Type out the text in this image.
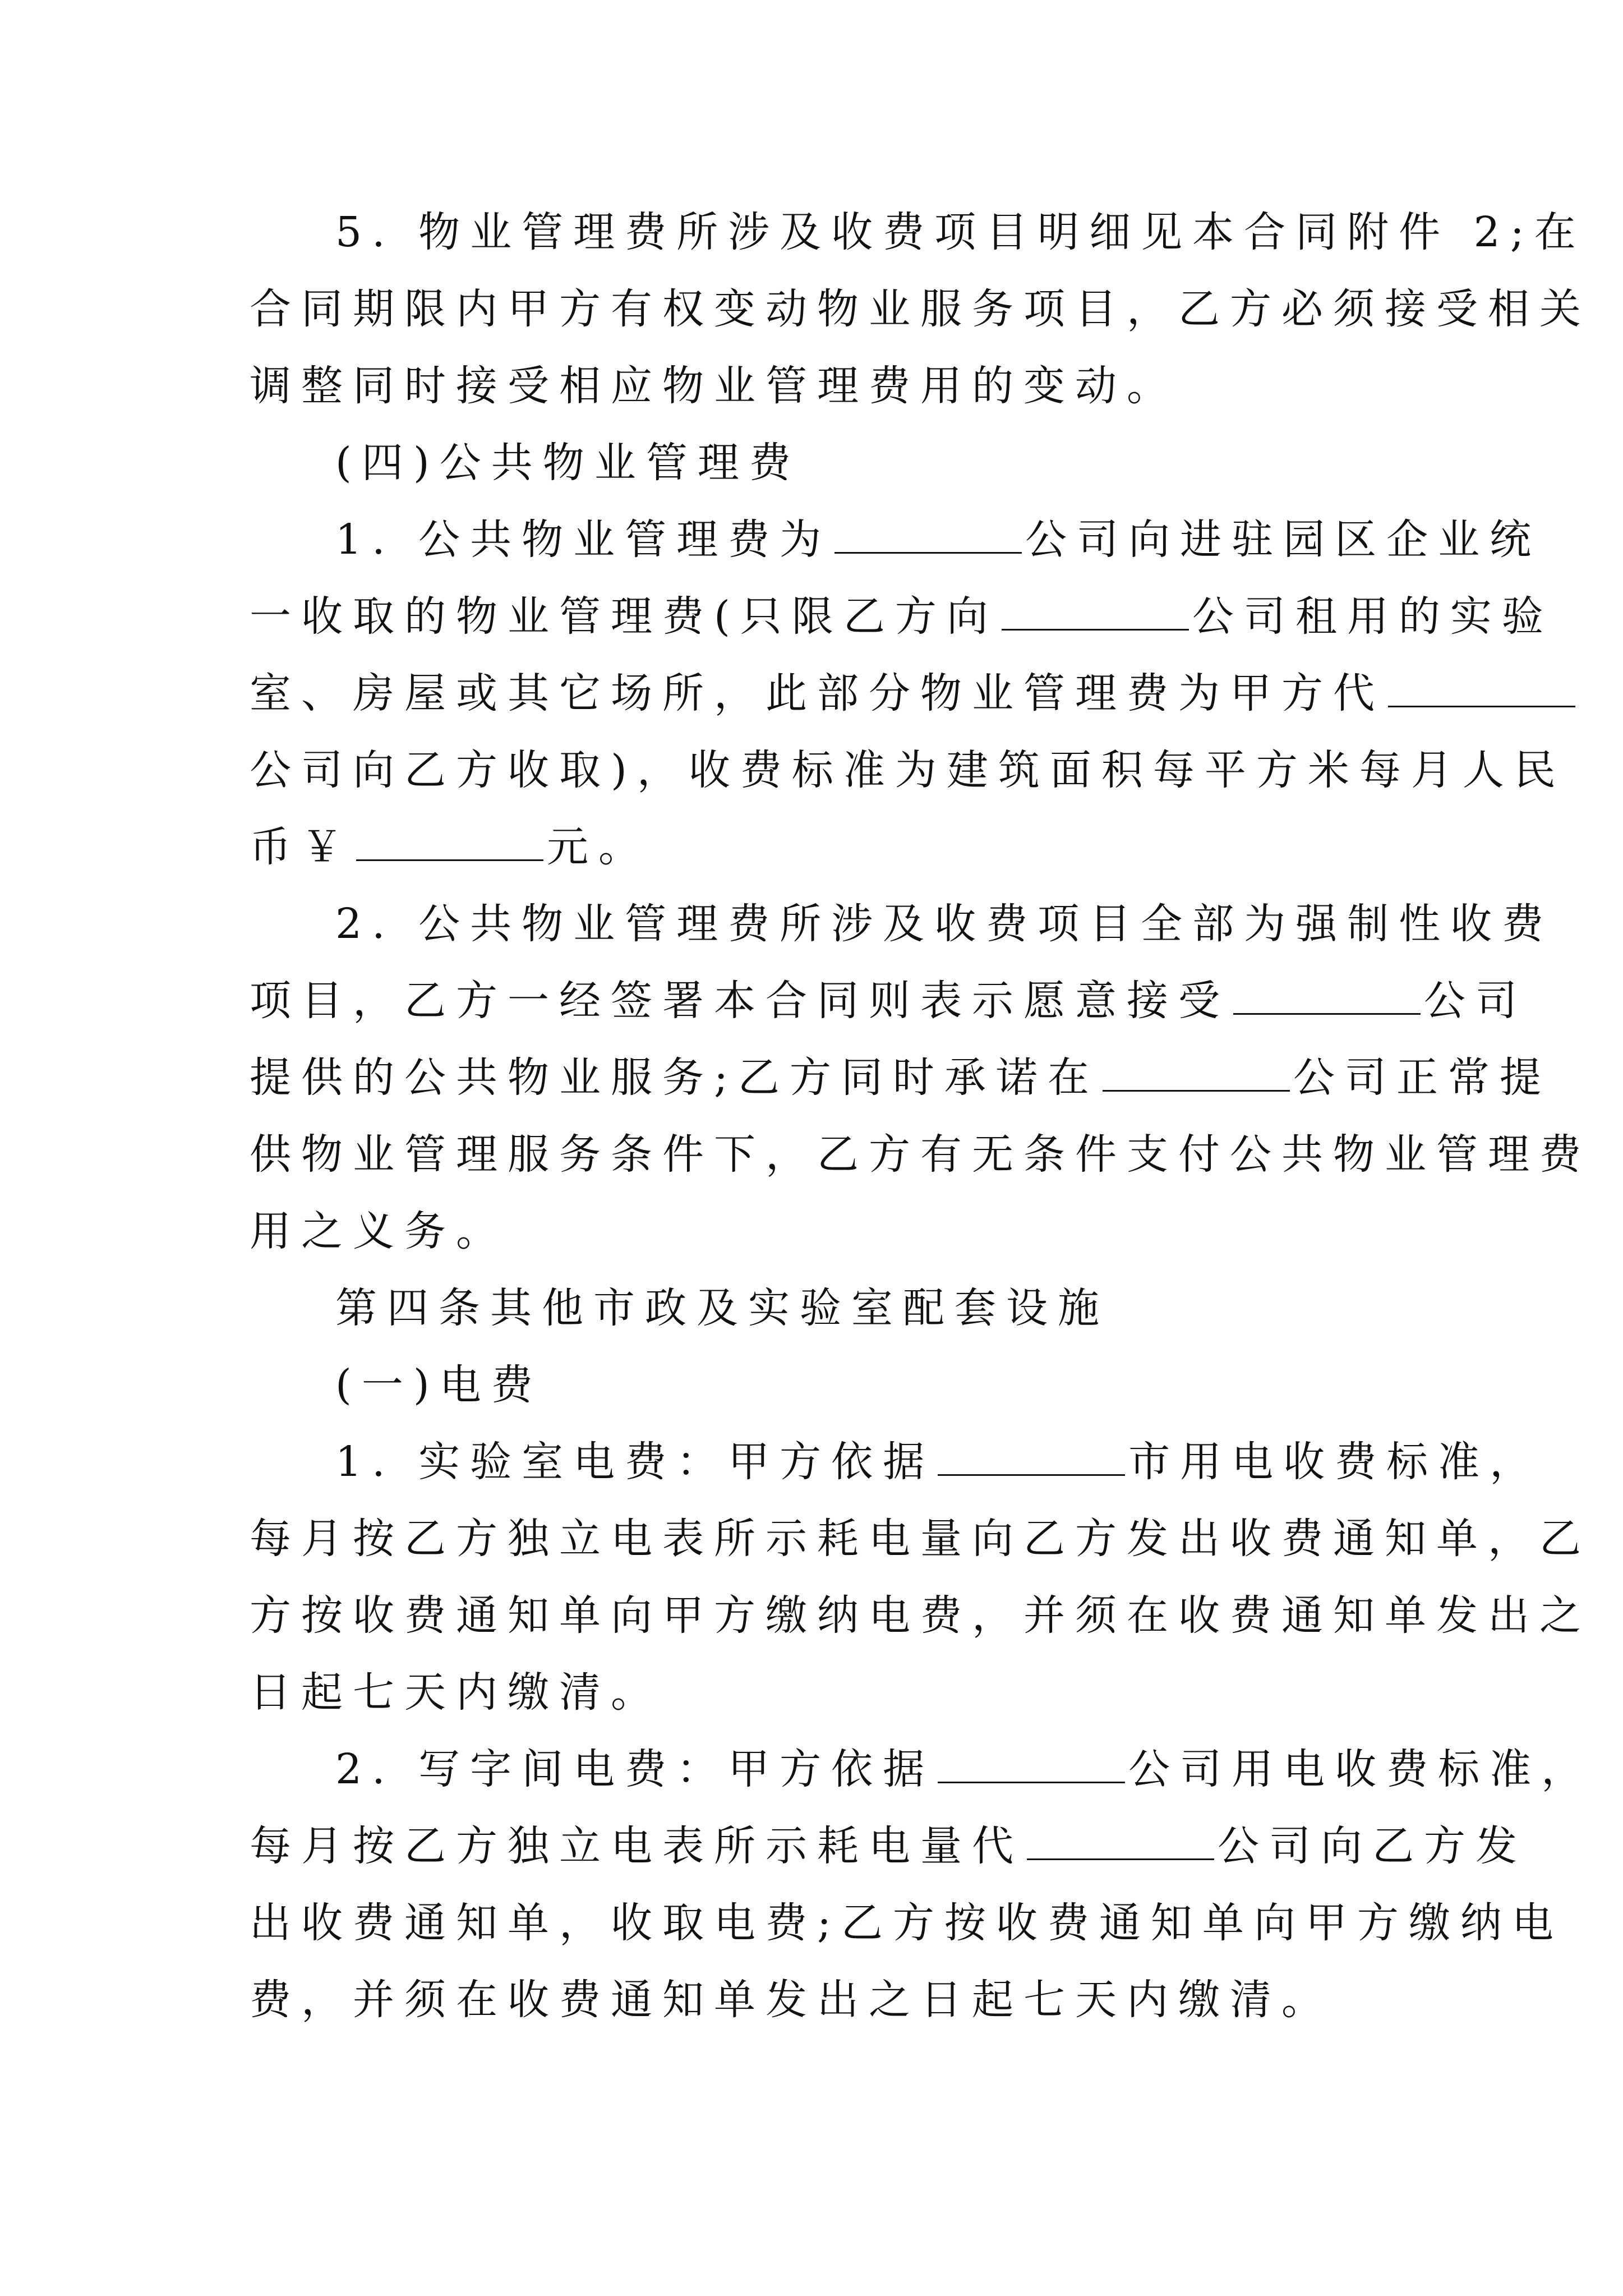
5. 物业管理费所涉及收费项目明细见本合同附件 2;在
合同期限内甲方有权变动物业服务项目，乙方必须接受相关
调整同时接受相应物业管理费用的变动。
(四)公共物业管理费
1. 公共物业管理费为	公司向进驻园区企业统
一收取的物业管理费(只限乙方向	公司租用的实验
室、房屋或其它场所，此部分物业管理费为甲方代
公司向乙方收取)，收费标准为建筑面积每平方米每月人民
币￥	元。
2. 公共物业管理费所涉及收费项目全部为强制性收费
项目，乙方一经签署本合同则表示愿意接受	公司
提供的公共物业服务;乙方同时承诺在	公司正常提
供物业管理服务条件下，乙方有无条件支付公共物业管理费
用之义务。
第四条其他市政及实验室配套设施
(一)电费
1. 实验室电费：甲方依据	市用电收费标准，
每月按乙方独立电表所示耗电量向乙方发出收费通知单，乙
方按收费通知单向甲方缴纳电费，并须在收费通知单发出之
日起七天内缴清。
2. 写字间电费：甲方依据	公司用电收费标准，
每月按乙方独立电表所示耗电量代	公司向乙方发
出收费通知单，收取电费;乙方按收费通知单向甲方缴纳电
费，并须在收费通知单发出之日起七天内缴清。
